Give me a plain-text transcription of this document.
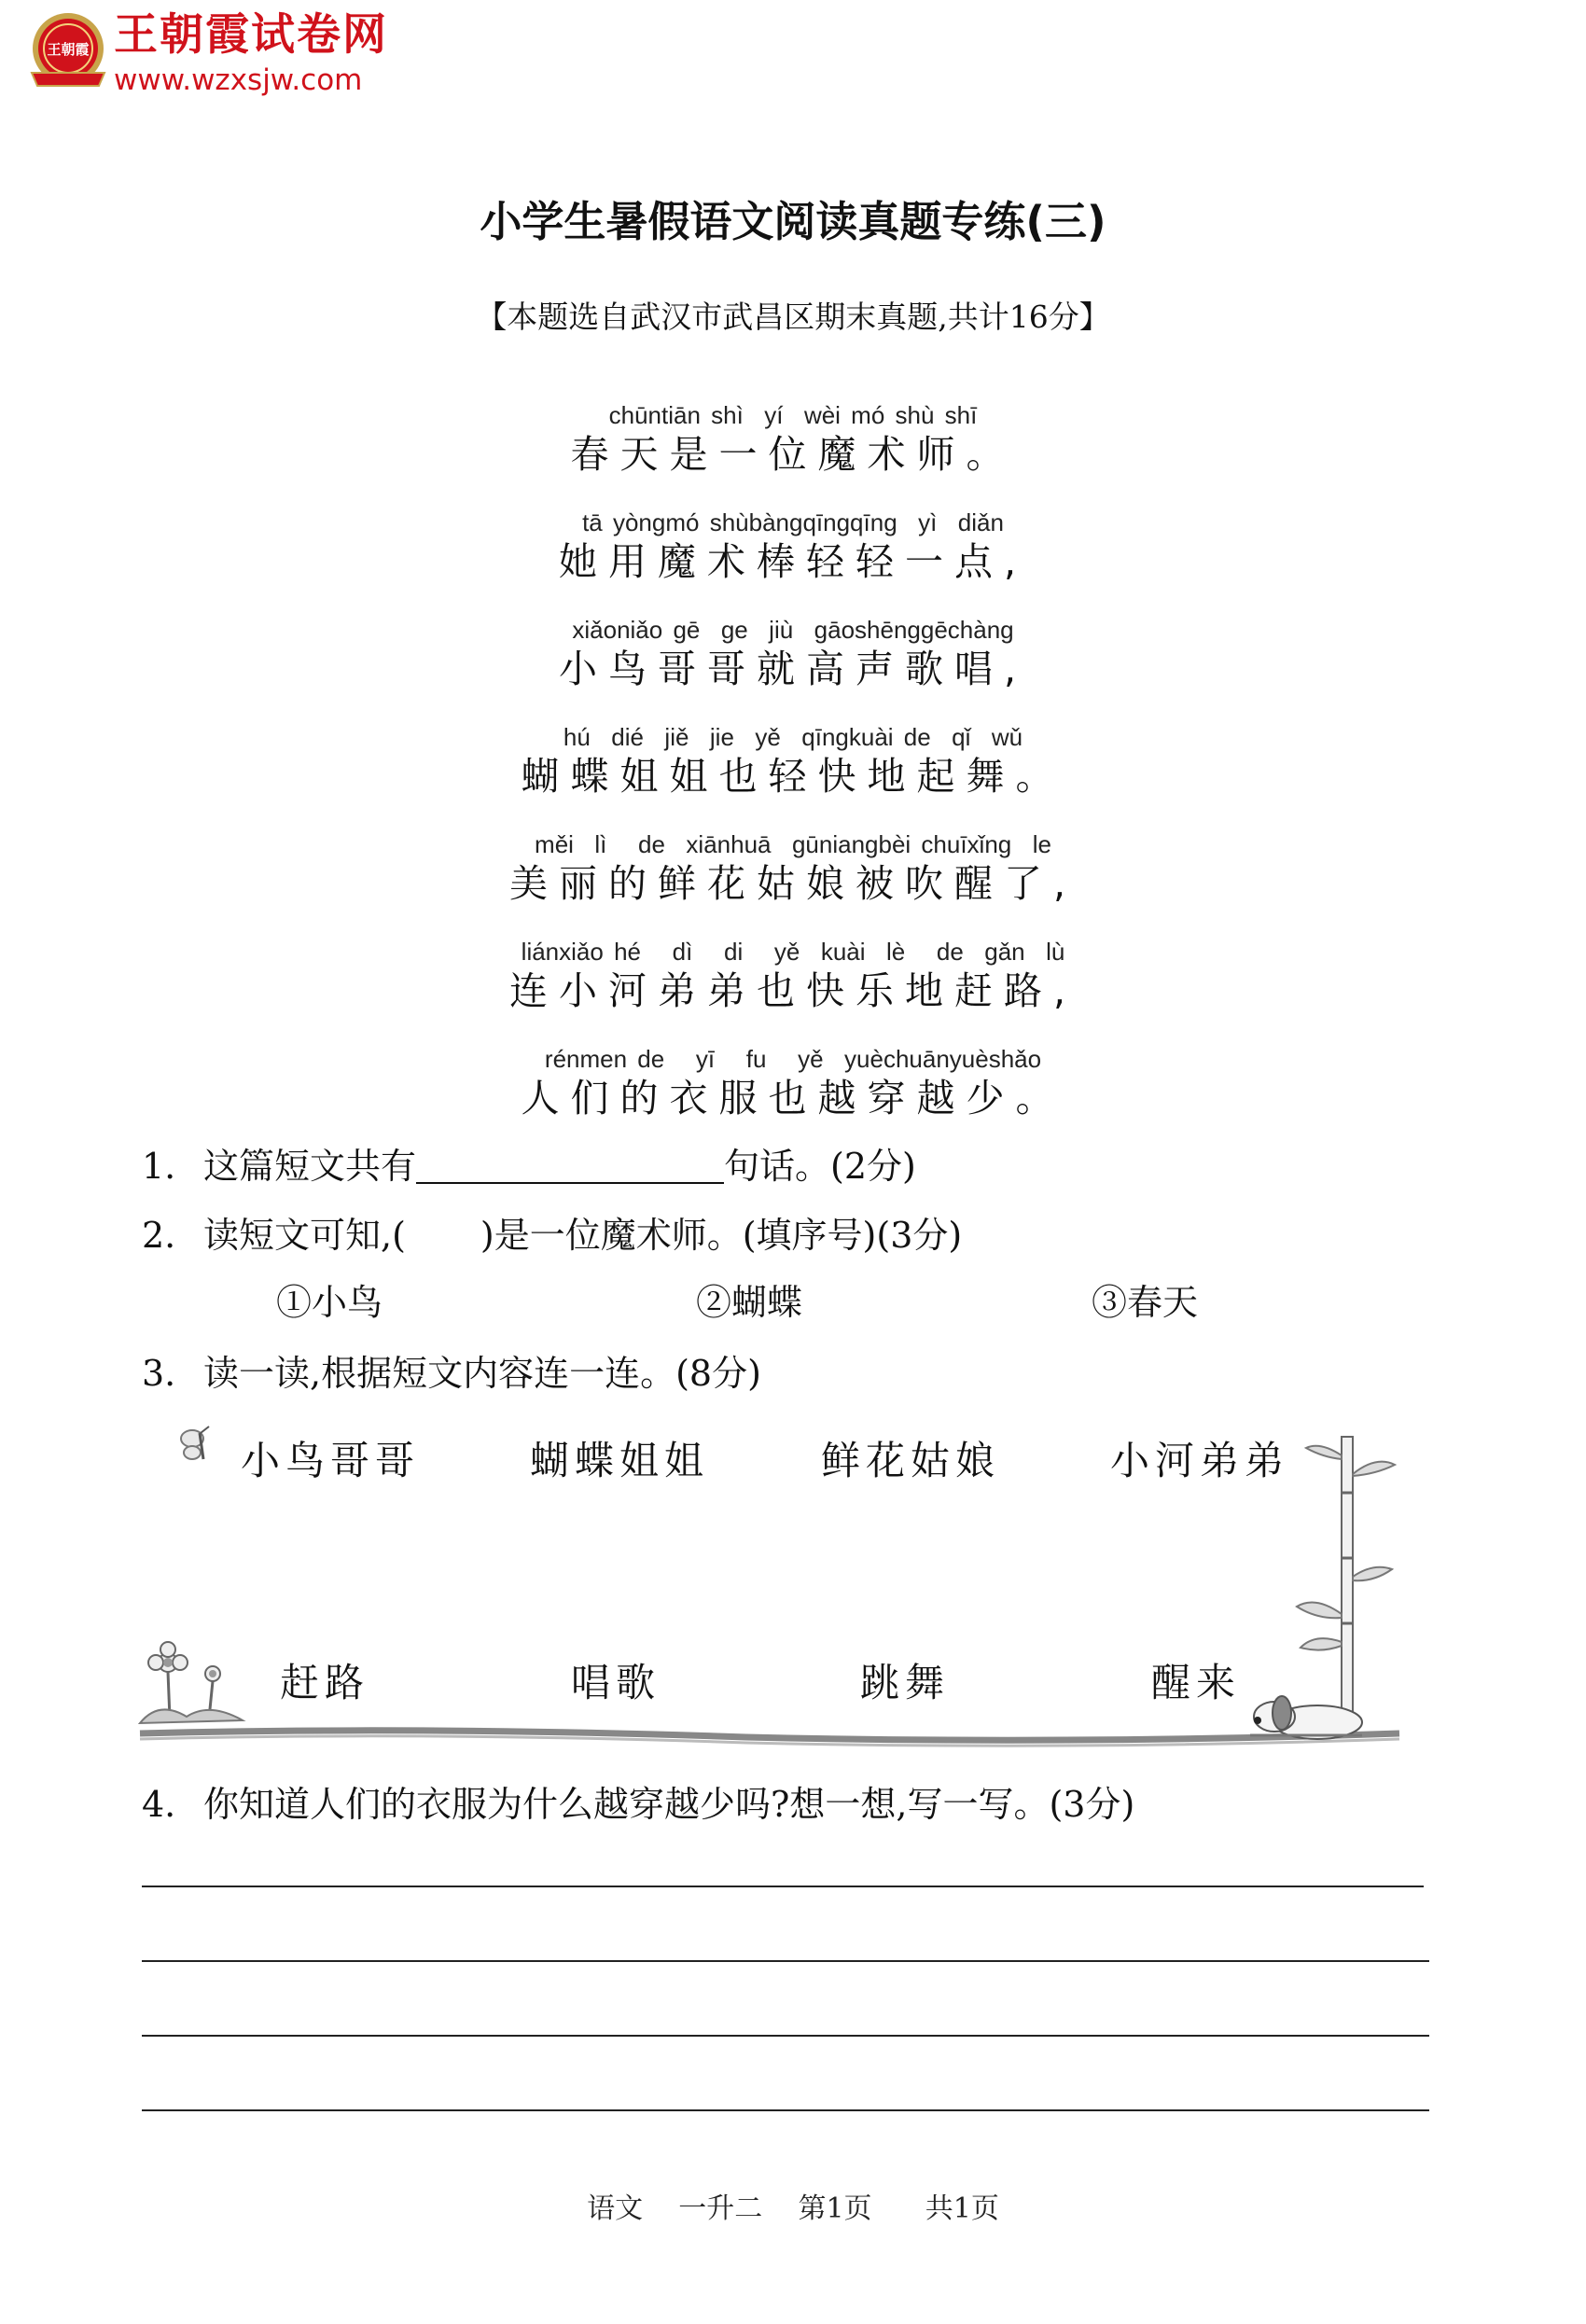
王朝霞 王朝霞试卷网
www.wzxsjw.com
小学生暑假语文阅读真题专练(三)
【本题选自武汉市武昌区期末真题,共计16分】
chūntiān shì  yí  wèi mó shù shī
春天是一位魔术师。
tā yòngmó shùbàngqīngqīng  yì  diǎn
她用魔术棒轻轻一点,
xiǎoniǎo gē  ge  jiù  gāoshēnggēchàng
小鸟哥哥就高声歌唱,
hú  dié  jiě  jie  yě  qīngkuài de  qǐ  wǔ
蝴蝶姐姐也轻快地起舞。
měi  lì   de  xiānhuā  gūniangbèi chuīxǐng  le
美丽的鲜花姑娘被吹醒了,
liánxiǎo hé   dì   di   yě  kuài  lè   de  gǎn  lù
连小河弟弟也快乐地赶路,
rénmen de   yī   fu   yě  yuèchuānyuèshǎo
人们的衣服也越穿越少。
1. 这篇短文共有	句话。(2分)
2. 读短文可知,( )是一位魔术师。(填序号)(3分)
①小鸟	②蝴蝶	③春天
3. 读一读,根据短文内容连一连。(8分)
小鸟哥哥	蝴蝶姐姐	鲜花姑娘	小河弟弟
赶路	唱歌	跳舞	醒来
4. 你知道人们的衣服为什么越穿越少吗?想一想,写一写。(3分)
语文    一升二    第1页      共1页
